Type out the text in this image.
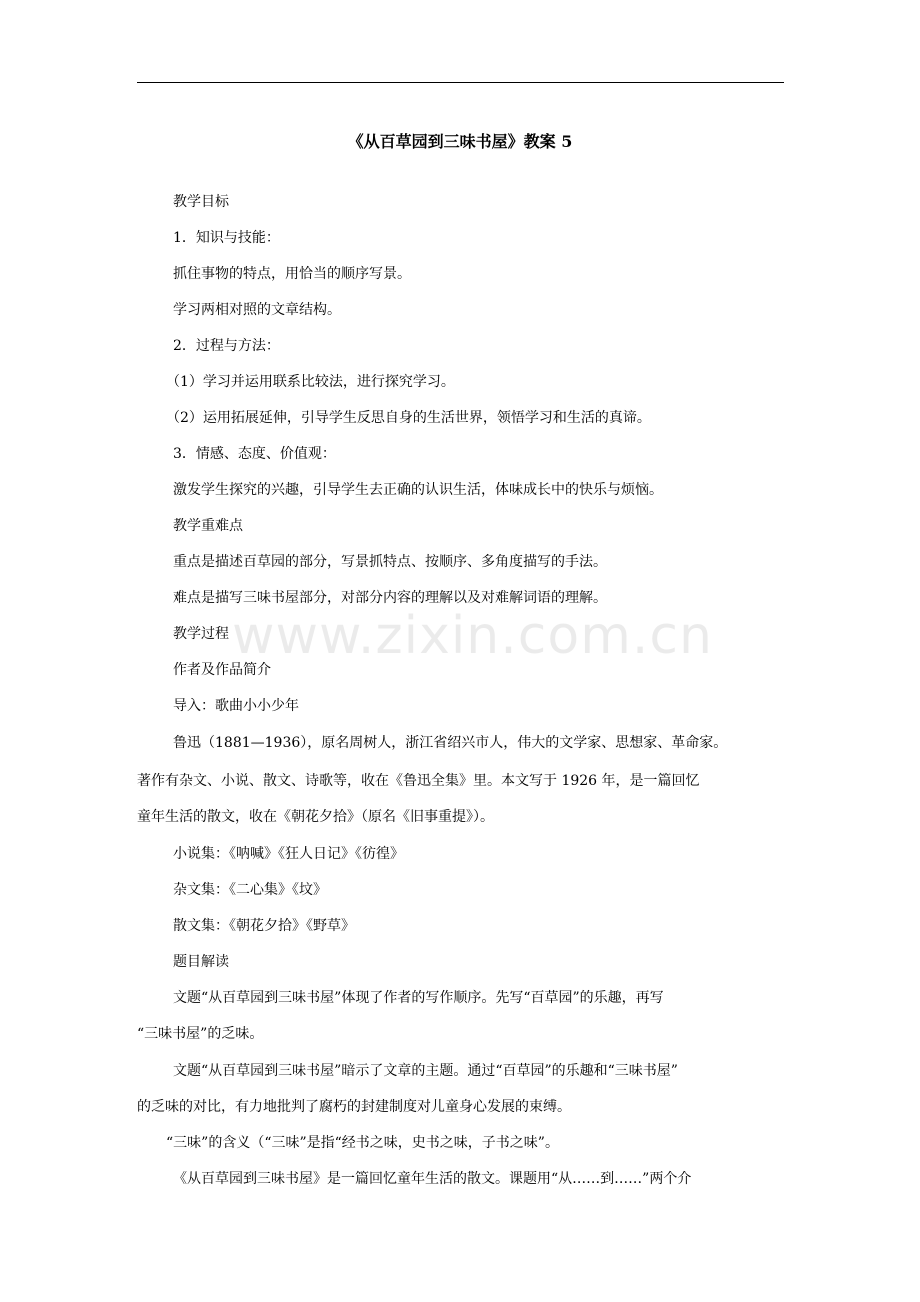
《从百草园到三味书屋》教案 5

教学目标

1．知识与技能：

抓住事物的特点，用恰当的顺序写景。

学习两相对照的文章结构。

2．过程与方法：

（1）学习并运用联系比较法，进行探究学习。

（2）运用拓展延伸，引导学生反思自身的生活世界，领悟学习和生活的真谛。

3．情感、态度、价值观：

激发学生探究的兴趣，引导学生去正确的认识生活，体味成长中的快乐与烦恼。

教学重难点

重点是描述百草园的部分，写景抓特点、按顺序、多角度描写的手法。

难点是描写三味书屋部分，对部分内容的理解以及对难解词语的理解。

教学过程

作者及作品简介

导入：歌曲小小少年

鲁迅（1881—1936），原名周树人，浙江省绍兴市人，伟大的文学家、思想家、革命家。

著作有杂文、小说、散文、诗歌等，收在《鲁迅全集》里。本文写于 1926 年，是一篇回忆

童年生活的散文，收在《朝花夕拾》（原名《旧事重提》）。

小说集：《呐喊》《狂人日记》《彷徨》

杂文集：《二心集》《坟》

散文集：《朝花夕拾》《野草》

题目解读

文题“从百草园到三味书屋”体现了作者的写作顺序。先写“百草园”的乐趣，再写

“三味书屋”的乏味。

文题“从百草园到三味书屋”暗示了文章的主题。通过“百草园”的乐趣和“三味书屋”

的乏味的对比，有力地批判了腐朽的封建制度对儿童身心发展的束缚。

“三味”的含义（“三味”是指“经书之味，史书之味，子书之味”。

《从百草园到三味书屋》是一篇回忆童年生活的散文。课题用“从……到……”两个介

www.zixin.com.cn
